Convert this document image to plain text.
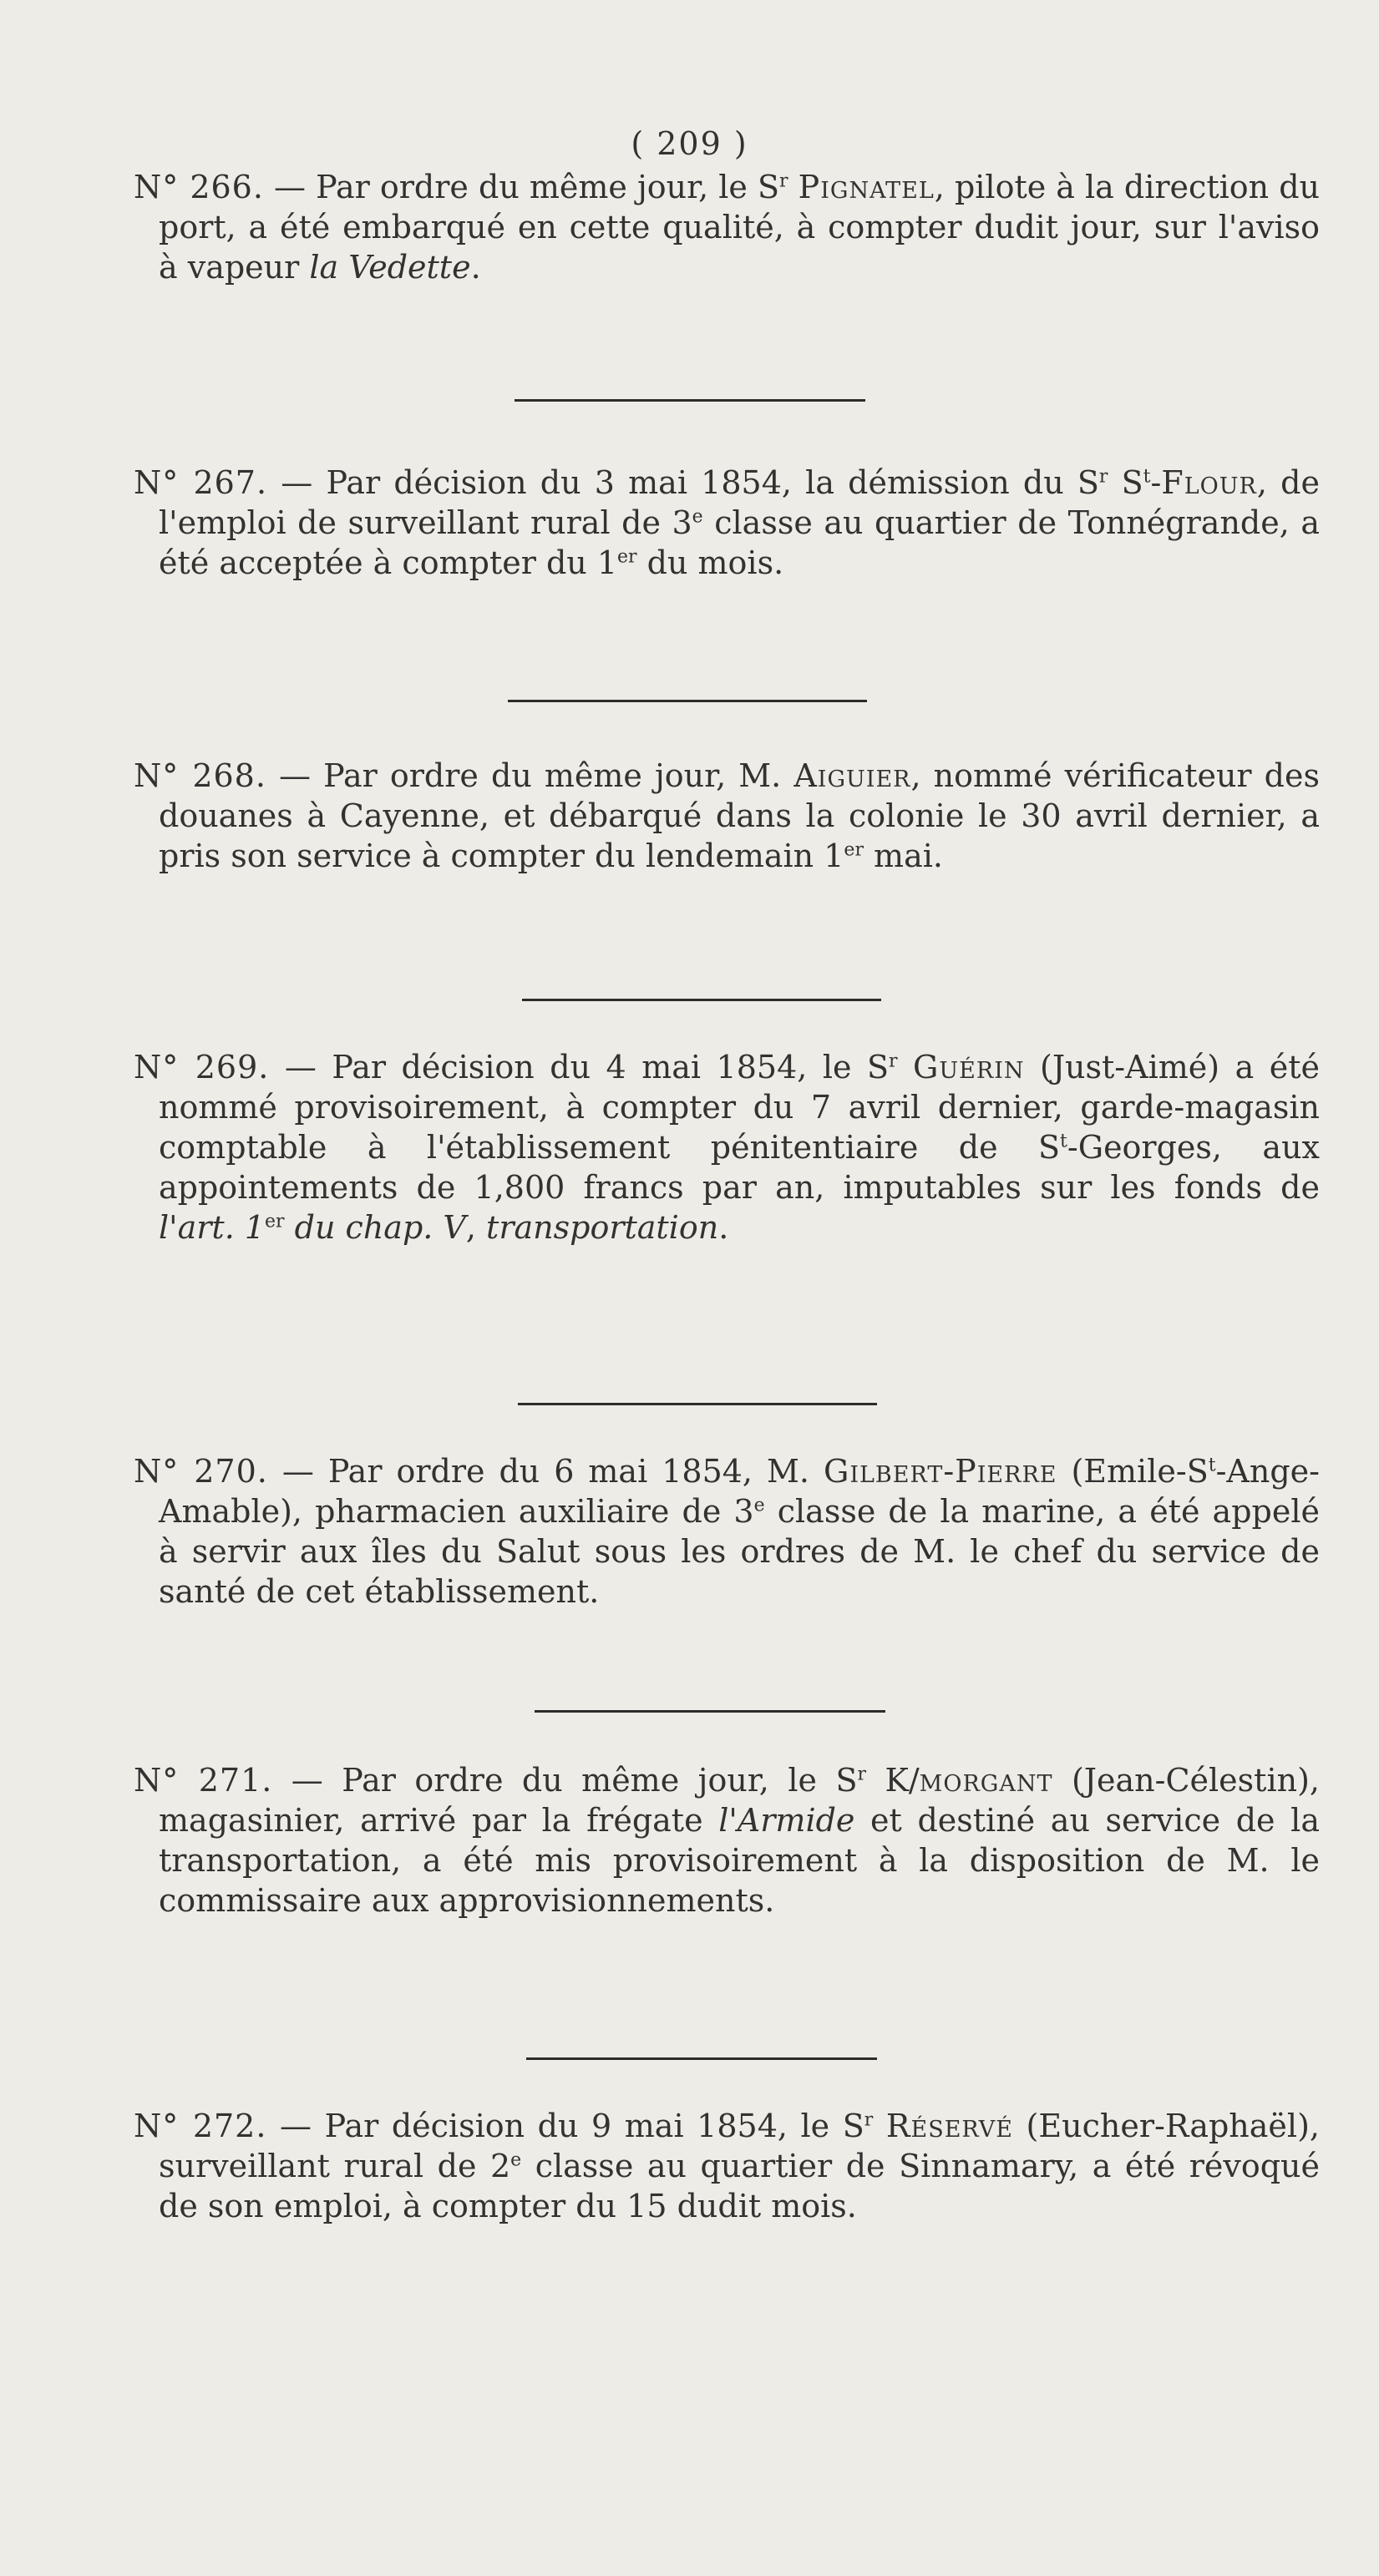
( 209 )
N° 266. — Par ordre du même jour, le $S^r$ Pignatel, pilote à la direction du port, a été embarqué en cette qualité, à compter dudit jour, sur l'aviso à vapeur la Vedette.
N° 267. — Par décision du 3 mai 1854, la démission du $S^r$ $S^t$-Flour, de l'emploi de surveillant rural de 3e classe au quartier de Tonnégrande, a été acceptée à compter du 1er du mois.
N° 268. — Par ordre du même jour, M. Aiguier, nommé vérificateur des douanes à Cayenne, et débarqué dans la colonie le 30 avril dernier, a pris son service à compter du lendemain 1er mai.
N° 269. — Par décision du 4 mai 1854, le $S^r$ Guérin (Just-Aimé) a été nommé provisoirement, à compter du 7 avril dernier, garde-magasin comptable à l'établissement pénitentiaire de $S^t$-Georges, aux appointements de 1,800 francs par an, imputables sur les fonds de l'art. 1er du chap. V, transportation.
N° 270. — Par ordre du 6 mai 1854, M. Gilbert-Pierre $(Emile-S^t-Ange-Amable)$, pharmacien auxiliaire de 3e classe de la marine, a été appelé à servir aux îles du Salut sous les ordres de M. le chef du service de santé de cet établissement.
N° 271. — Par ordre du même jour, le $S^r$ K/morgant (Jean-Célestin), magasinier, arrivé par la frégate l'Armide et destiné au service de la transportation, a été mis provisoirement à la disposition de M. le commissaire aux approvisionnements.
N° 272. — Par décision du 9 mai 1854, le $S^r$ Réservé (Eucher-Raphaël), surveillant rural de 2e classe au quartier de Sinnamary, a été révoqué de son emploi, à compter du 15 dudit mois.
